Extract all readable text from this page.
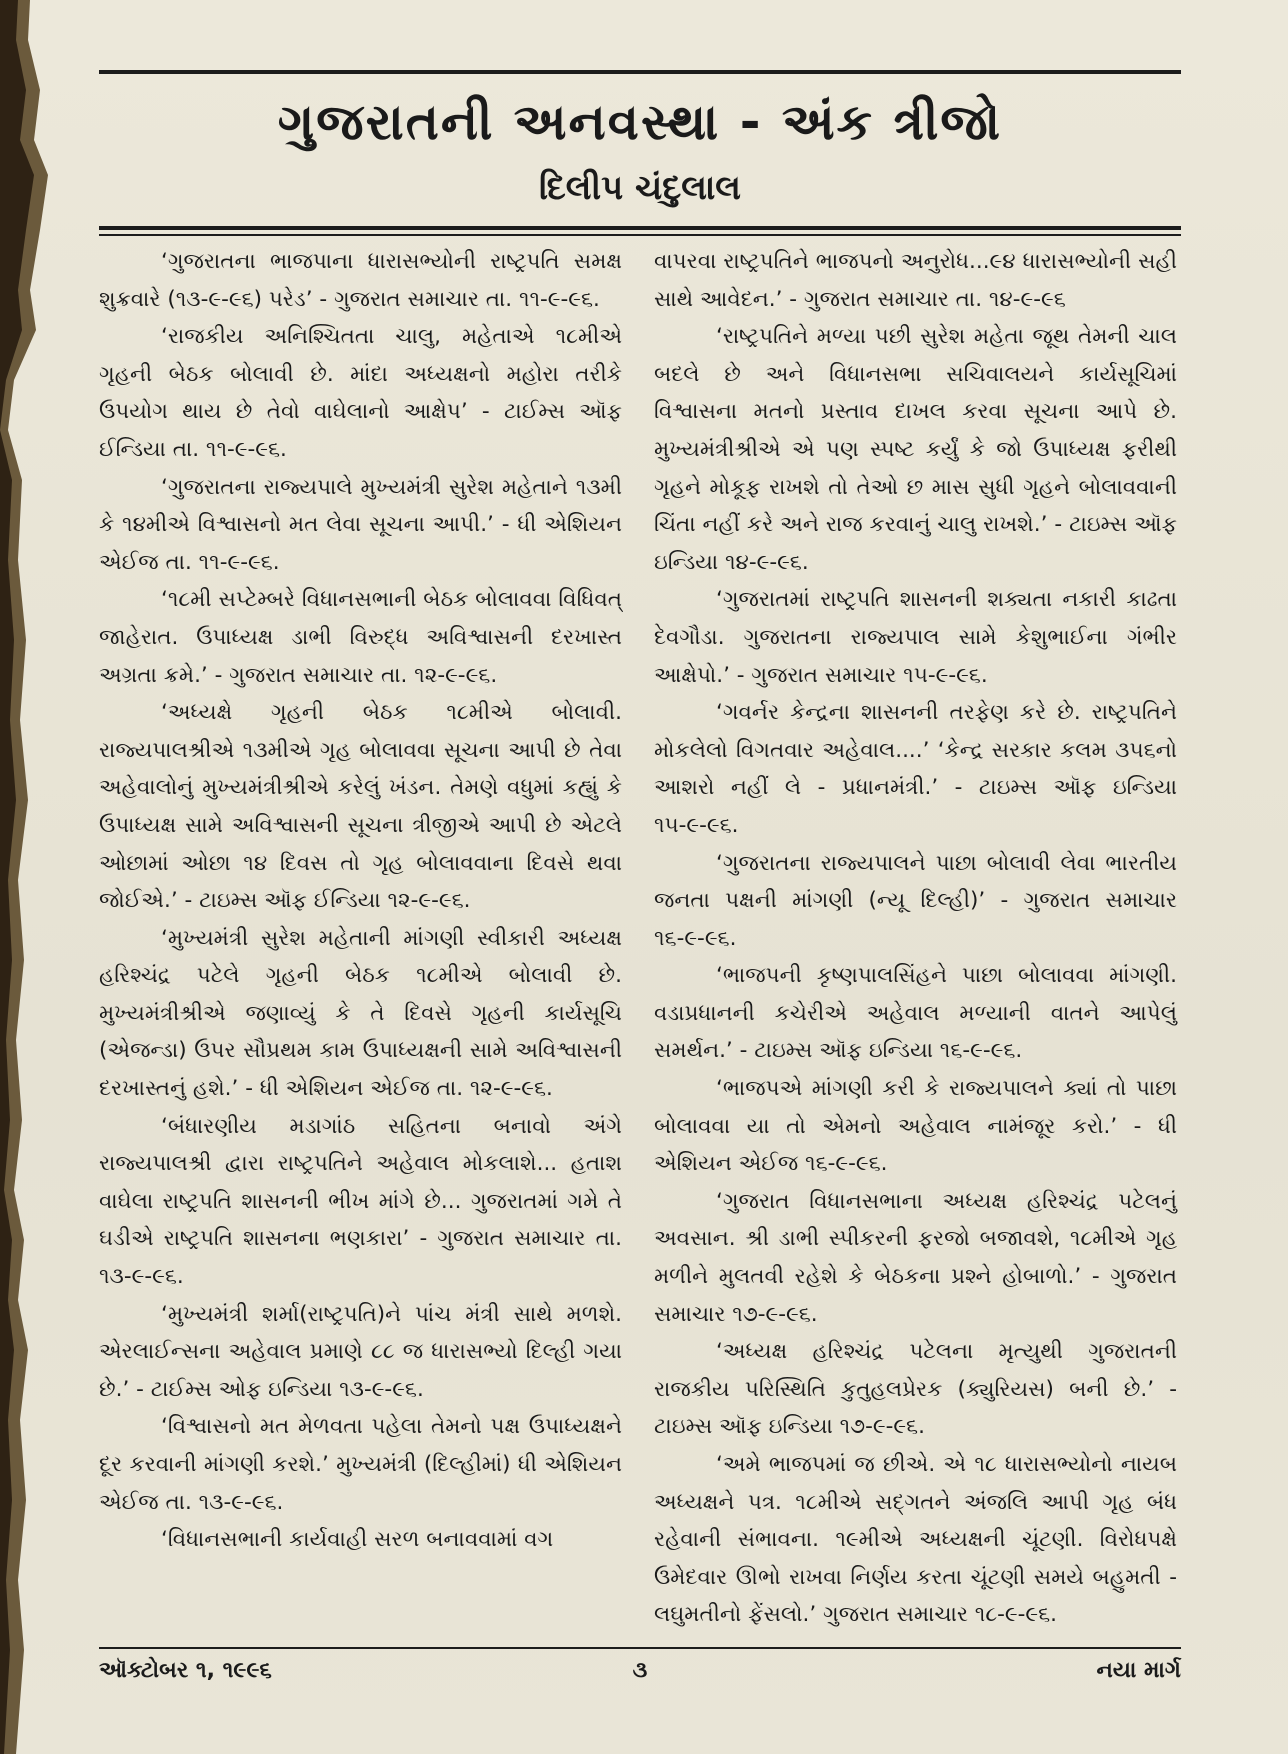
ગુજરાતની અનવસ્થા - અંક ત્રીજો
દિલીપ ચંદુલાલ

‘ગુજરાતના ભાજપાના ધારાસભ્યોની રાષ્ટ્રપતિ સમક્ષ શુક્રવારે (૧૩-૯-૯૬) પરેડ’ - ગુજરાત સમાચાર તા. ૧૧-૯-૯૬.

‘રાજકીય અનિશ્ચિતતા ચાલુ, મહેતાએ ૧૮મીએ ગૃહની બેઠક બોલાવી છે. માંદા અધ્યક્ષનો મહોરા તરીકે ઉપયોગ થાય છે તેવો વાઘેલાનો આક્ષેપ’ - ટાઈમ્સ ઑફ ઈન્ડિયા તા. ૧૧-૯-૯૬.

‘ગુજરાતના રાજ્યપાલે મુખ્યમંત્રી સુરેશ મહેતાને ૧૩મી કે ૧૪મીએ વિશ્વાસનો મત લેવા સૂચના આપી.’ - ધી એશિયન એઈજ તા. ૧૧-૯-૯૬.

‘૧૮મી સપ્ટેમ્બરે વિધાનસભાની બેઠક બોલાવવા વિધિવત્ જાહેરાત. ઉપાધ્યક્ષ ડાભી વિરુદ્ધ અવિશ્વાસની દરખાસ્ત અગ્રતા ક્રમે.’ - ગુજરાત સમાચાર તા. ૧૨-૯-૯૬.

‘અધ્યક્ષે ગૃહની બેઠક ૧૮મીએ બોલાવી. રાજ્યપાલશ્રીએ ૧૩મીએ ગૃહ બોલાવવા સૂચના આપી છે તેવા અહેવાલોનું મુખ્યમંત્રીશ્રીએ કરેલું ખંડન. તેમણે વધુમાં કહ્યું કે ઉપાધ્યક્ષ સામે અવિશ્વાસની સૂચના ત્રીજીએ આપી છે એટલે ઓછામાં ઓછા ૧૪ દિવસ તો ગૃહ બોલાવવાના દિવસે થવા જોઈએ.’ - ટાઇમ્સ ઑફ ઈન્ડિયા ૧૨-૯-૯૬.

‘મુખ્યમંત્રી સુરેશ મહેતાની માંગણી સ્વીકારી અધ્યક્ષ હરિશ્ચંદ્ર પટેલે ગૃહની બેઠક ૧૮મીએ બોલાવી છે. મુખ્યમંત્રીશ્રીએ જણાવ્યું કે તે દિવસે ગૃહની કાર્યસૂચિ (એજન્ડા) ઉપર સૌપ્રથમ કામ ઉપાધ્યક્ષની સામે અવિશ્વાસની દરખાસ્તનું હશે.’ - ધી એશિયન એઈજ તા. ૧૨-૯-૯૬.

‘બંધારણીય મડાગાંઠ સહિતના બનાવો અંગે રાજ્યપાલશ્રી દ્વારા રાષ્ટ્રપતિને અહેવાલ મોકલાશે... હતાશ વાઘેલા રાષ્ટ્રપતિ શાસનની ભીખ માંગે છે... ગુજરાતમાં ગમે તે ઘડીએ રાષ્ટ્રપતિ શાસનના ભણકારા’ - ગુજરાત સમાચાર તા. ૧૩-૯-૯૬.

‘મુખ્યમંત્રી શર્મા(રાષ્ટ્રપતિ)ને પાંચ મંત્રી સાથે મળશે. એરલાઈન્સના અહેવાલ પ્રમાણે ૮૮ જ ધારાસભ્યો દિલ્હી ગયા છે.’ - ટાઈમ્સ ઓફ ઇન્ડિયા ૧૩-૯-૯૬.

‘વિશ્વાસનો મત મેળવતા પહેલા તેમનો પક્ષ ઉપાધ્યક્ષને દૂર કરવાની માંગણી કરશે.’ મુખ્યમંત્રી (દિલ્હીમાં) ધી એશિયન એઈજ તા. ૧૩-૯-૯૬.

‘વિધાનસભાની કાર્યવાહી સરળ બનાવવામાં વગ

વાપરવા રાષ્ટ્રપતિને ભાજપનો અનુરોધ...૯૪ ધારાસભ્યોની સહી સાથે આવેદન.’ - ગુજરાત સમાચાર તા. ૧૪-૯-૯૬

‘રાષ્ટ્રપતિને મળ્યા પછી સુરેશ મહેતા જૂથ તેમની ચાલ બદલે છે અને વિધાનસભા સચિવાલયને કાર્યસૂચિમાં વિશ્વાસના મતનો પ્રસ્તાવ દાખલ કરવા સૂચના આપે છે. મુખ્યમંત્રીશ્રીએ એ પણ સ્પષ્ટ કર્યું કે જો ઉપાધ્યક્ષ ફરીથી ગૃહને મોકૂફ રાખશે તો તેઓ છ માસ સુધી ગૃહને બોલાવવાની ચિંતા નહીં કરે અને રાજ કરવાનું ચાલુ રાખશે.’ - ટાઇમ્સ ઑફ ઇન્ડિયા ૧૪-૯-૯૬.

‘ગુજરાતમાં રાષ્ટ્રપતિ શાસનની શક્યતા નકારી કાઢતા દેવગૌડા. ગુજરાતના રાજ્યપાલ સામે કેશુભાઈના ગંભીર આક્ષેપો.’ - ગુજરાત સમાચાર ૧૫-૯-૯૬.

‘ગવર્નર કેન્દ્રના શાસનની તરફેણ કરે છે. રાષ્ટ્રપતિને મોકલેલો વિગતવાર અહેવાલ....’ ‘કેન્દ્ર સરકાર કલમ ૩૫૬નો આશરો નહીં લે - પ્રધાનમંત્રી.’ - ટાઇમ્સ ઑફ ઇન્ડિયા ૧૫-૯-૯૬.

‘ગુજરાતના રાજ્યપાલને પાછા બોલાવી લેવા ભારતીય જનતા પક્ષની માંગણી (ન્યૂ દિલ્હી)’ - ગુજરાત સમાચાર ૧૬-૯-૯૬.

‘ભાજપની કૃષ્ણપાલસિંહને પાછા બોલાવવા માંગણી. વડાપ્રધાનની કચેરીએ અહેવાલ મળ્યાની વાતને આપેલું સમર્થન.’ - ટાઇમ્સ ઑફ ઇન્ડિયા ૧૬-૯-૯૬.

‘ભાજપએ માંગણી કરી કે રાજ્યપાલને ક્યાં તો પાછા બોલાવવા યા તો એમનો અહેવાલ નામંજૂર કરો.’ - ધી એશિયન એઈજ ૧૬-૯-૯૬.

‘ગુજરાત વિધાનસભાના અધ્યક્ષ હરિશ્ચંદ્ર પટેલનું અવસાન. શ્રી ડાભી સ્પીકરની ફરજો બજાવશે, ૧૮મીએ ગૃહ મળીને મુલતવી રહેશે કે બેઠકના પ્રશ્ને હોબાળો.’ - ગુજરાત સમાચાર ૧૭-૯-૯૬.

‘અધ્યક્ષ હરિશ્ચંદ્ર પટેલના મૃત્યુથી ગુજરાતની રાજકીય પરિસ્થિતિ કુતુહલપ્રેરક (ક્યુરિયસ) બની છે.’ - ટાઇમ્સ ઑફ ઇન્ડિયા ૧૭-૯-૯૬.

‘અમે ભાજપમાં જ છીએ. એ ૧૮ ધારાસભ્યોનો નાયબ અધ્યક્ષને પત્ર. ૧૮મીએ સદ્ગતને અંજલિ આપી ગૃહ બંધ રહેવાની સંભાવના. ૧૯મીએ અધ્યક્ષની ચૂંટણી. વિરોધપક્ષે ઉમેદવાર ઊભો રાખવા નિર્ણય કરતા ચૂંટણી સમયે બહુમતી - લઘુમતીનો ફેંસલો.’ ગુજરાત સમાચાર ૧૮-૯-૯૬.

ઑક્ટોબર ૧, ૧૯૯૬	૩	નયા માર્ગ
